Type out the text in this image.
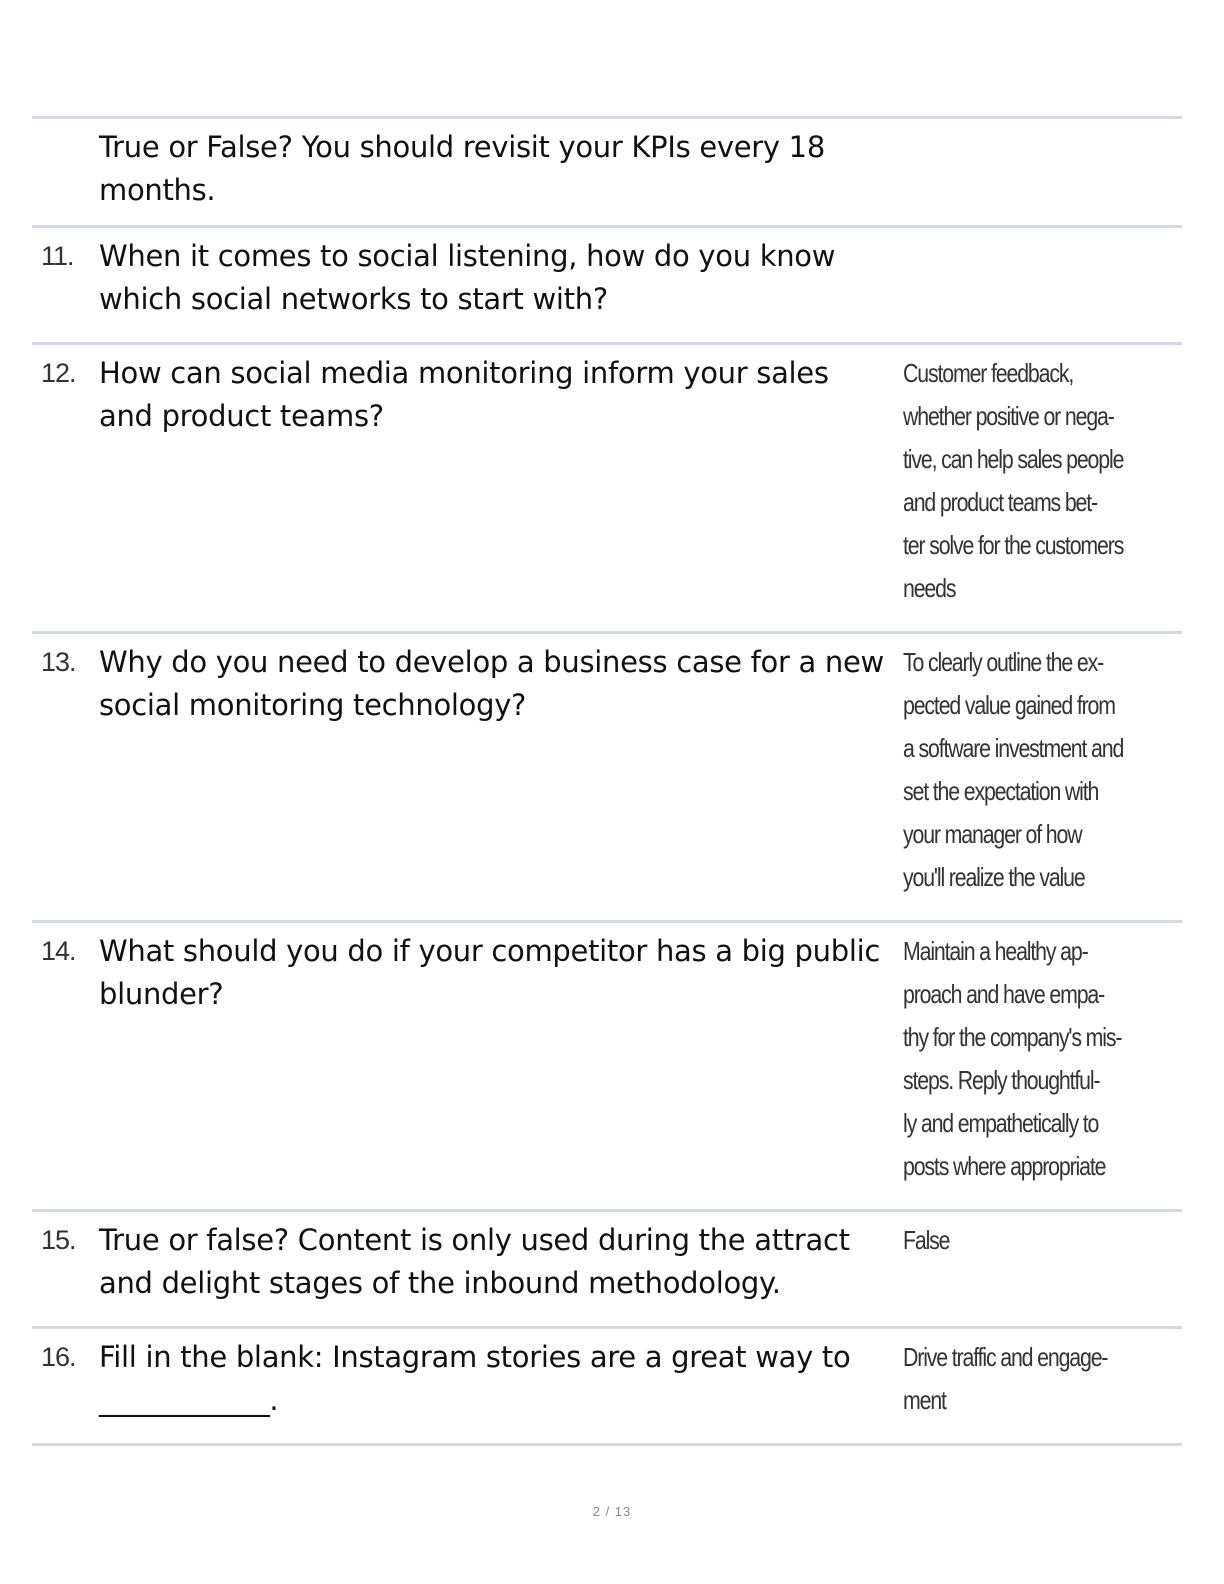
True or False? You should revisit your KPIs every 18
months.
11. When it comes to social listening, how do you know
which social networks to start with?
12. How can social media monitoring inform your sales
and product teams?
Customer feedback,
whether positive or nega-
tive, can help sales people
and product teams bet-
ter solve for the customers
needs
13. Why do you need to develop a business case for a new
social monitoring technology?
To clearly outline the ex-
pected value gained from
a software investment and
set the expectation with
your manager of how
you'll realize the value
14. What should you do if your competitor has a big public
blunder?
Maintain a healthy ap-
proach and have empa-
thy for the company's mis-
steps. Reply thoughtful-
ly and empathetically to
posts where appropriate
15. True or false? Content is only used during the attract
and delight stages of the inbound methodology.
False
16. Fill in the blank: Instagram stories are a great way to
____________.
Drive traffic and engage-
ment
2 / 13
